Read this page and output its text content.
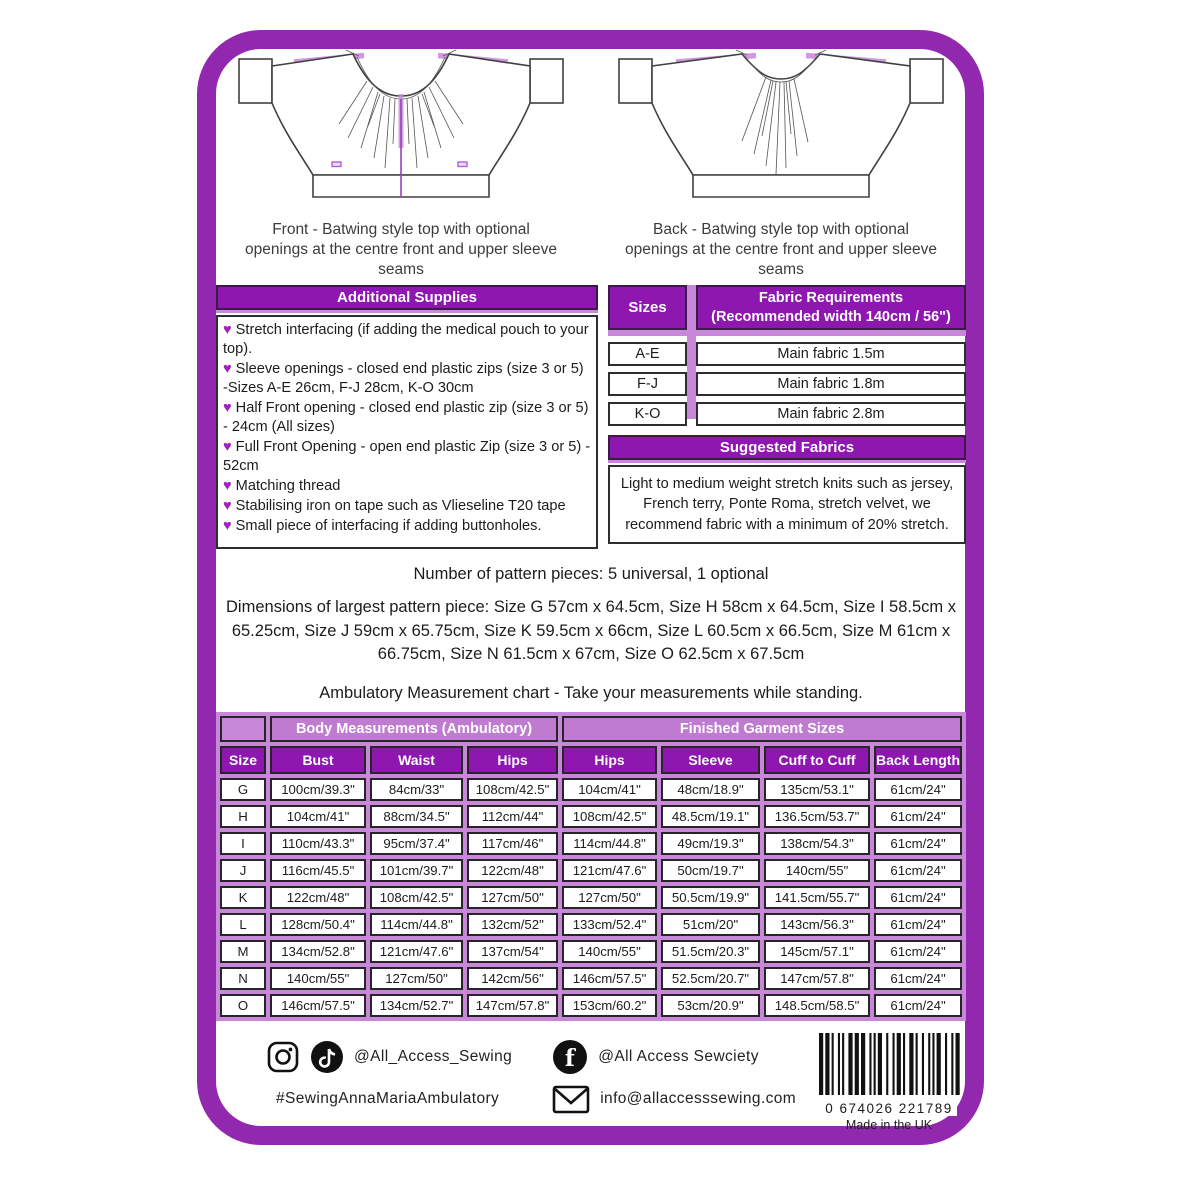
Front - Batwing style top with optional openings at the centre front and upper sleeve seams
Back - Batwing style top with optional openings at the centre front and upper sleeve seams
Additional Supplies

♥ Stretch interfacing (if adding the medical pouch to your top).

♥ Sleeve openings - closed end plastic zips (size 3 or 5) -Sizes A-E 26cm, F-J 28cm, K-O 30cm

♥ Half Front opening - closed end plastic zip (size 3 or 5) - 24cm (All sizes)

♥ Full Front Opening - open end plastic Zip (size 3 or 5) - 52cm

♥ Matching thread

♥ Stabilising iron on tape such as Vlieseline T20 tape

♥ Small piece of interfacing if adding buttonholes.

Sizes
Fabric Requirements
(Recommended width 140cm / 56")
A-E	Main fabric 1.5m
F-J	Main fabric 1.8m
K-O	Main fabric 2.8m
Suggested Fabrics
Light to medium weight stretch knits such as jersey, French terry, Ponte Roma, stretch velvet, we recommend fabric with a minimum of 20% stretch.

Number of pattern pieces: 5 universal, 1 optional

Dimensions of largest pattern piece: Size G 57cm x 64.5cm, Size H 58cm x 64.5cm, Size I 58.5cm x 65.25cm, Size J 59cm x 65.75cm, Size K 59.5cm x 66cm, Size L 60.5cm x 66.5cm, Size M 61cm x 66.75cm, Size N 61.5cm x 67cm, Size O 62.5cm x 67.5cm

Ambulatory Measurement chart - Take your measurements while standing.

	Body Measurements (Ambulatory)			Finished Garment Sizes			
Size	Bust	Waist	Hips	Hips	Sleeve	Cuff to Cuff	Back Length
G	100cm/39.3"	84cm/33"	108cm/42.5"	104cm/41"	48cm/18.9"	135cm/53.1"	61cm/24"
H	104cm/41"	88cm/34.5"	112cm/44"	108cm/42.5"	48.5cm/19.1"	136.5cm/53.7"	61cm/24"
I	110cm/43.3"	95cm/37.4"	117cm/46"	114cm/44.8"	49cm/19.3"	138cm/54.3"	61cm/24"
J	116cm/45.5"	101cm/39.7"	122cm/48"	121cm/47.6"	50cm/19.7"	140cm/55"	61cm/24"
K	122cm/48"	108cm/42.5"	127cm/50"	127cm/50"	50.5cm/19.9"	141.5cm/55.7"	61cm/24"
L	128cm/50.4"	114cm/44.8"	132cm/52"	133cm/52.4"	51cm/20"	143cm/56.3"	61cm/24"
M	134cm/52.8"	121cm/47.6"	137cm/54"	140cm/55"	51.5cm/20.3"	145cm/57.1"	61cm/24"
N	140cm/55"	127cm/50"	142cm/56"	146cm/57.5"	52.5cm/20.7"	147cm/57.8"	61cm/24"
O	146cm/57.5"	134cm/52.7"	147cm/57.8"	153cm/60.2"	53cm/20.9"	148.5cm/58.5"	61cm/24"
@All_Access_Sewing f @All Access Sewciety
#SewingAnnaMariaAmbulatory	info@allaccesssewing.com
0 674026 221789
Made in the UK
